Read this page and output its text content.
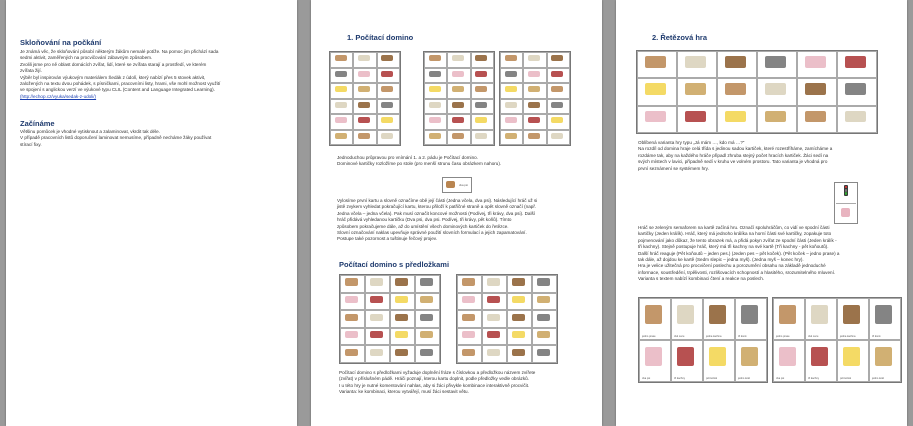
Skloňování na počkání
Je známá věc, že skloňování působí některým žákům nemalé potíže. Na pomoc jim přichází sada
sedmi aktivit, zaměřených na procvičování zábavným způsobem.
Zvolili jsme pro ně oblast domácích zvířat, lidí, které se zvířata starají a prostředí, ve kterém
zvířata žijí.
Výběr byl inspirován výukovým materiálem Šedák z údolí, který nabízí přes 5 stovek aktivit,
založených na textu dvou pohádek, s písničkami, pracovními listy, hrami, vše mohl možnost využití
ve spojení s anglickou verzí ve výukové typu CLIL (Content and Language Integrated Learning).
(http://echop.cz/vyuka/sedak-z-udoli/)
Začínáme
Většinu pomůcek je vhodné vytisknout a zalaminovat, vkrdit tak déle.
V případě pracovních listů doporučení laminovat nemusíme, případně necháme žáky používat
stírací fixy.
1. Počítací domino
Jednoduchou průpravou pro vnímání 1. a 2. pádu je Počítací domino.
Dominové kartičky rozložíme po stole (pro menší strunu času obrázkem nahoru).
dva psi
Vylosíme první kartu a slovně označíme obě její části (Jedna včela, dva psi). Následující hráč už si
jistě zvykem vyhledat pokračující kartu, kterou přiloží k patřičné straně a opět slovně označí (např.
Jedna včela – jedna včela). Pak musí označit koncové možnosti (Podívej, tři krávy, dva psi). Další
hráč přidává vyhledanou kartičku (Dva psi, dva psi. Podívej, tři krávy, pět koňů). Tímto
způsobem pokračujeme dále, až do umístění všech dominových kartiček do řetězce.
Slovní označování naklas upevňuje správné použití slovních formulací a jejich zapamatování.
Postupe také pozornost a tuštinuje řečový projev.
Počítací domino s předložkami
Počítací domino s předložkami vyžaduje doplnění fráze s číslovkou a předložkou názvem zvířete
(zvířat) v příslušném pádě. Hráči poznají, kterou kartu doplnit, podle předložky vedle obrázků.
I u této hry je nutné komentování nahlas, aby si žáci přivykle kombinace interaktivně procvičit.
Varianta: ke kombinaci, kterou vytvářejí, musí žáci sestavit větu.
2. Řetězová hra
Oblíbená varianta hry typu „Já mám …, kdo má …?“
Na rozdíl od domina hraje celá třída s jedinou sadou kartiček, které rozestříháme, zamícháme a
rozdáme tak, aby na každého hráče připadl zhruba stejný počet hracích kartiček. Žáci sedí na
svých místech v lavici, případně sedí v kruhu ve volném prostoru. Tato varianta je vhodná pro
první seznámení se systémem hry.
Hráč se zeleným semaforem na kartě začíná hru. Označí spoluhráčům, co vidí ve spodní části
kartičky (Jeden králík). Hráč, který má jednoho králíka na horní části své kartičky, zopakuje toto
pojmenování jako důkaz, že tento obrazek má, a přidá pokyn zvířat ze spodní části (Jeden králík -
tři kachny). Stejně postupuje hráč, který má tři kachny na své kartě (Tři kachny - pět koňoutů).
Další hráč reaguje (Pět koňoutů – jeden pes.) (Jeden pes – pět koček). (Pět koček – jedno prase) a
tak dále, až dojdou ke kartě (Sedm slepic – jedna myš). (Jedna myš – konec hry).
Hra je velice užitečná pro procvičení poslechu a porozumění obsahu na základě jednoduché
informace, soustředění, trpělivosti, rozlišovacích schopností a hlasitého, srozumitelného mluvení.
Varianta s textem nabízí kombinaci čtení a reakce na poslech.
jedno prase	dvě ovce	jedna kachna	tři koně
dva psi	tři kachny	pět koček	jedno kotě
jedno prase	dvě ovce	jedna kachna	tři koně
dva psi	tři kachny	pět koček	jedno kotě
